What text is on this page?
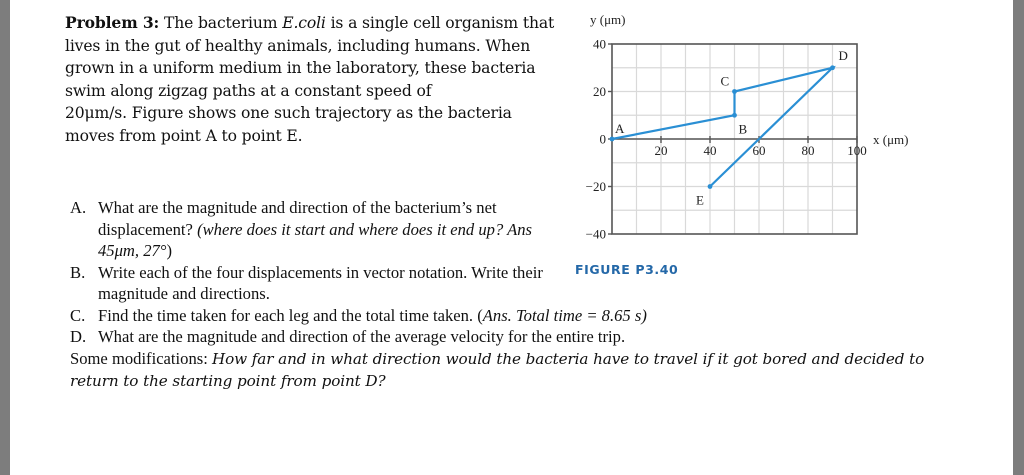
Problem 3: The bacterium E.coli is a single cell organism that lives in the gut of healthy animals, including humans. When grown in a uniform medium in the laboratory, these bacteria swim along zigzag paths at a constant speed of
20μm/s. Figure shows one such trajectory as the bacteria moves from point A to point E.
40
20
0
−20
−40
20	40	60	80	100
y (μm)
x (μm)
A	B
C
D
E
FIGURE P3.40
A. What are the magnitude and direction of the bacterium’s net displacement? (where does it start and where does it end up? Ans 45μm, 27°)
B. Write each of the four displacements in vector notation. Write their magnitude and directions.
C. Find the time taken for each leg and the total time taken. (Ans. Total time = 8.65 s)
D. What are the magnitude and direction of the average velocity for the entire trip.
Some modifications: How far and in what direction would the bacteria have to travel if it got bored and decided to return to the starting point from point D?
